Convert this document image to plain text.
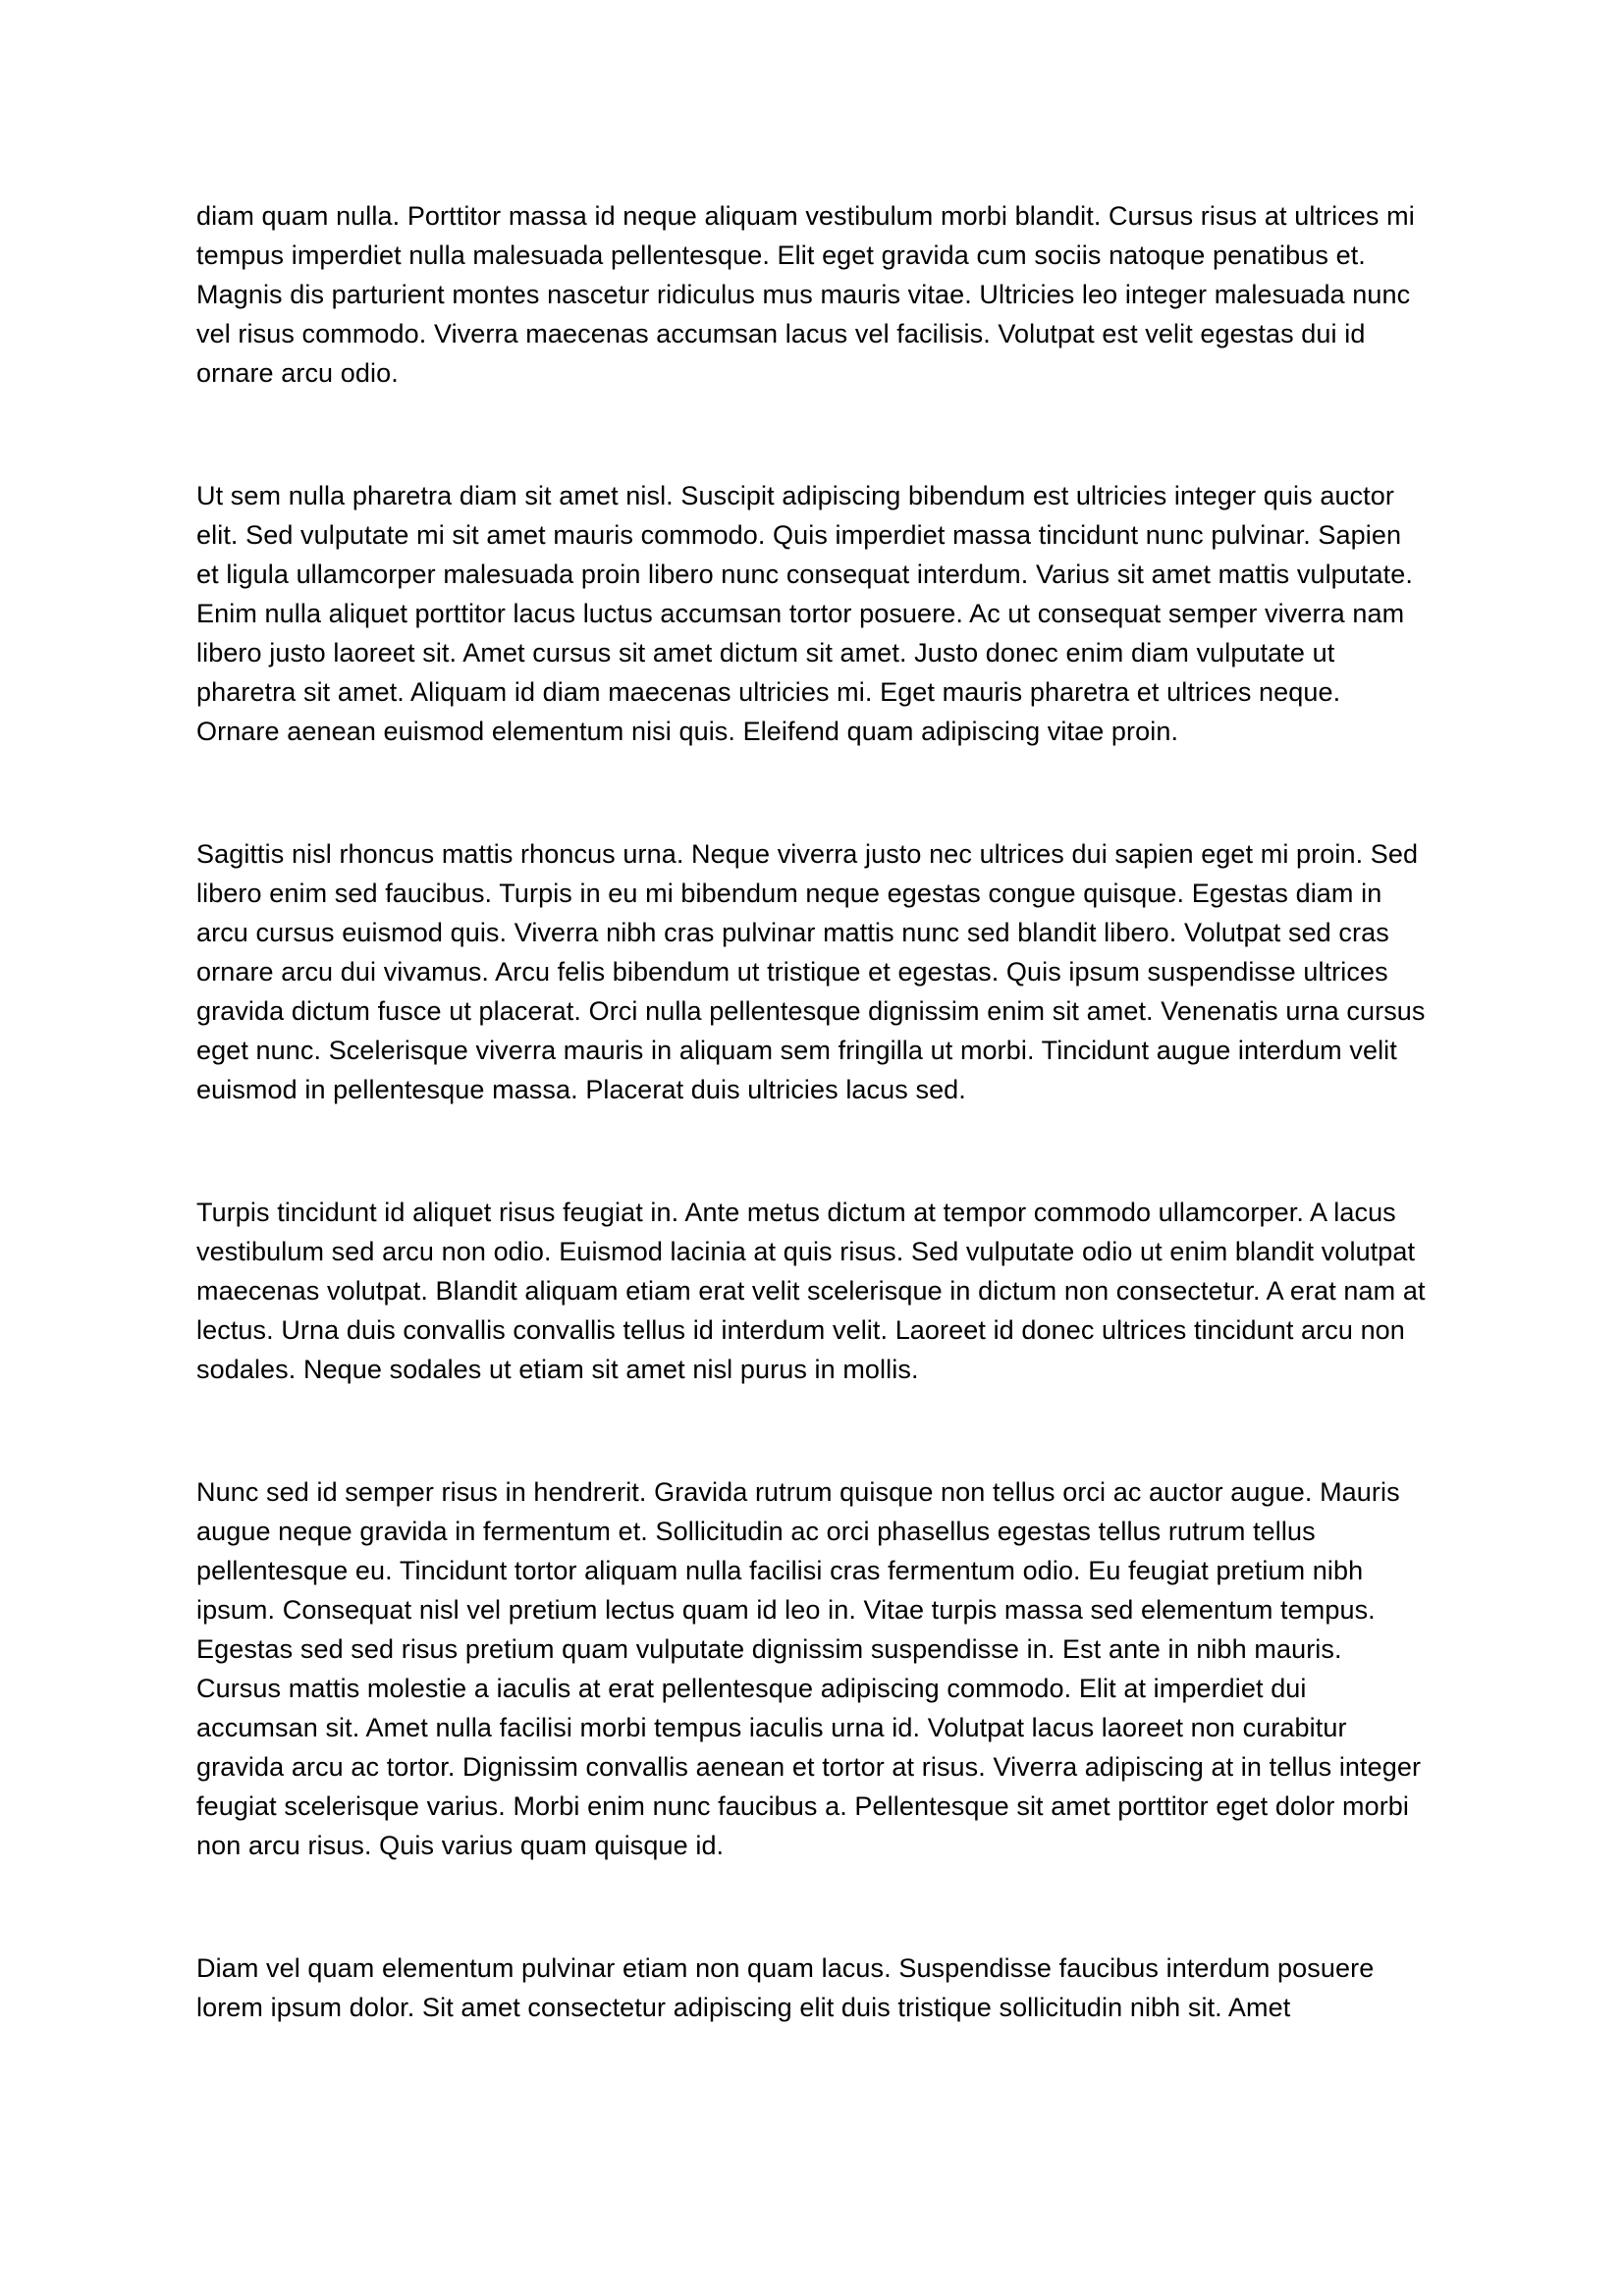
diam quam nulla. Porttitor massa id neque aliquam vestibulum morbi blandit. Cursus risus at ultrices mi tempus imperdiet nulla malesuada pellentesque. Elit eget gravida cum sociis natoque penatibus et. Magnis dis parturient montes nascetur ridiculus mus mauris vitae. Ultricies leo integer malesuada nunc vel risus commodo. Viverra maecenas accumsan lacus vel facilisis. Volutpat est velit egestas dui id ornare arcu odio.

Ut sem nulla pharetra diam sit amet nisl. Suscipit adipiscing bibendum est ultricies integer quis auctor elit. Sed vulputate mi sit amet mauris commodo. Quis imperdiet massa tincidunt nunc pulvinar. Sapien et ligula ullamcorper malesuada proin libero nunc consequat interdum. Varius sit amet mattis vulputate. Enim nulla aliquet porttitor lacus luctus accumsan tortor posuere. Ac ut consequat semper viverra nam libero justo laoreet sit. Amet cursus sit amet dictum sit amet. Justo donec enim diam vulputate ut pharetra sit amet. Aliquam id diam maecenas ultricies mi. Eget mauris pharetra et ultrices neque. Ornare aenean euismod elementum nisi quis. Eleifend quam adipiscing vitae proin.

Sagittis nisl rhoncus mattis rhoncus urna. Neque viverra justo nec ultrices dui sapien eget mi proin. Sed libero enim sed faucibus. Turpis in eu mi bibendum neque egestas congue quisque. Egestas diam in arcu cursus euismod quis. Viverra nibh cras pulvinar mattis nunc sed blandit libero. Volutpat sed cras ornare arcu dui vivamus. Arcu felis bibendum ut tristique et egestas. Quis ipsum suspendisse ultrices gravida dictum fusce ut placerat. Orci nulla pellentesque dignissim enim sit amet. Venenatis urna cursus eget nunc. Scelerisque viverra mauris in aliquam sem fringilla ut morbi. Tincidunt augue interdum velit euismod in pellentesque massa. Placerat duis ultricies lacus sed.

Turpis tincidunt id aliquet risus feugiat in. Ante metus dictum at tempor commodo ullamcorper. A lacus vestibulum sed arcu non odio. Euismod lacinia at quis risus. Sed vulputate odio ut enim blandit volutpat maecenas volutpat. Blandit aliquam etiam erat velit scelerisque in dictum non consectetur. A erat nam at lectus. Urna duis convallis convallis tellus id interdum velit. Laoreet id donec ultrices tincidunt arcu non sodales. Neque sodales ut etiam sit amet nisl purus in mollis.

Nunc sed id semper risus in hendrerit. Gravida rutrum quisque non tellus orci ac auctor augue. Mauris augue neque gravida in fermentum et. Sollicitudin ac orci phasellus egestas tellus rutrum tellus pellentesque eu. Tincidunt tortor aliquam nulla facilisi cras fermentum odio. Eu feugiat pretium nibh ipsum. Consequat nisl vel pretium lectus quam id leo in. Vitae turpis massa sed elementum tempus. Egestas sed sed risus pretium quam vulputate dignissim suspendisse in. Est ante in nibh mauris. Cursus mattis molestie a iaculis at erat pellentesque adipiscing commodo. Elit at imperdiet dui accumsan sit. Amet nulla facilisi morbi tempus iaculis urna id. Volutpat lacus laoreet non curabitur gravida arcu ac tortor. Dignissim convallis aenean et tortor at risus. Viverra adipiscing at in tellus integer feugiat scelerisque varius. Morbi enim nunc faucibus a. Pellentesque sit amet porttitor eget dolor morbi non arcu risus. Quis varius quam quisque id.

Diam vel quam elementum pulvinar etiam non quam lacus. Suspendisse faucibus interdum posuere lorem ipsum dolor. Sit amet consectetur adipiscing elit duis tristique sollicitudin nibh sit. Amet
